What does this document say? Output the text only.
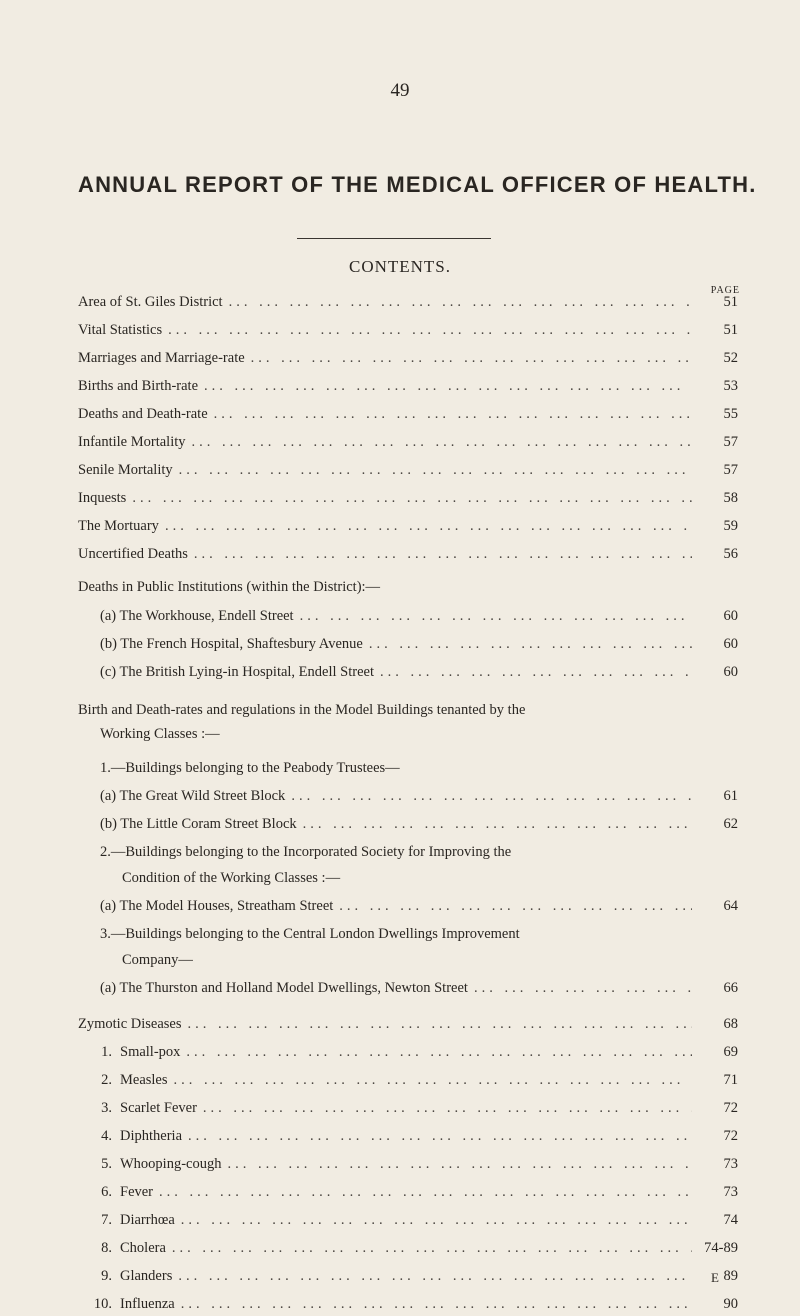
49
ANNUAL REPORT OF THE MEDICAL OFFICER OF HEALTH.
CONTENTS.
PAGE
Area of St. Giles District ... .	51
Vital Statistics ... .	51
Marriages and Marriage-rate ... .	52
Births and Birth-rate ... .	53
Deaths and Death-rate ... .	55
Infantile Mortality ... .	57
Senile Mortality ... .	57
Inquests ... .	58
The Mortuary ... .	59
Uncertified Deaths ... .	56
Deaths in Public Institutions (within the District):—
(a) The Workhouse, Endell Street ... .	60
(b) The French Hospital, Shaftesbury Avenue ... .	60
(c) The British Lying-in Hospital, Endell Street ... .	60
Birth and Death-rates and regulations in the Model Buildings tenanted by the
Working Classes :—
1.—Buildings belonging to the Peabody Trustees—
(a) The Great Wild Street Block ... .	61
(b) The Little Coram Street Block ... .	62
2.—Buildings belonging to the Incorporated Society for Improving the
Condition of the Working Classes :—
(a) The Model Houses, Streatham Street ... .	64
3.—Buildings belonging to the Central London Dwellings Improvement
Company—
(a) The Thurston and Holland Model Dwellings, Newton Street ... .	66
Zymotic Diseases ... .	68
1. Small-pox ... .	69
2. Measles ... .	71
3. Scarlet Fever ... .	72
4. Diphtheria ... .	72
5. Whooping-cough ... .	73
6. Fever ... .	73
7. Diarrhœa ... .	74
8. Cholera ... .	74-89
9. Glanders ... .	89
10. Influenza ... .	90
E
